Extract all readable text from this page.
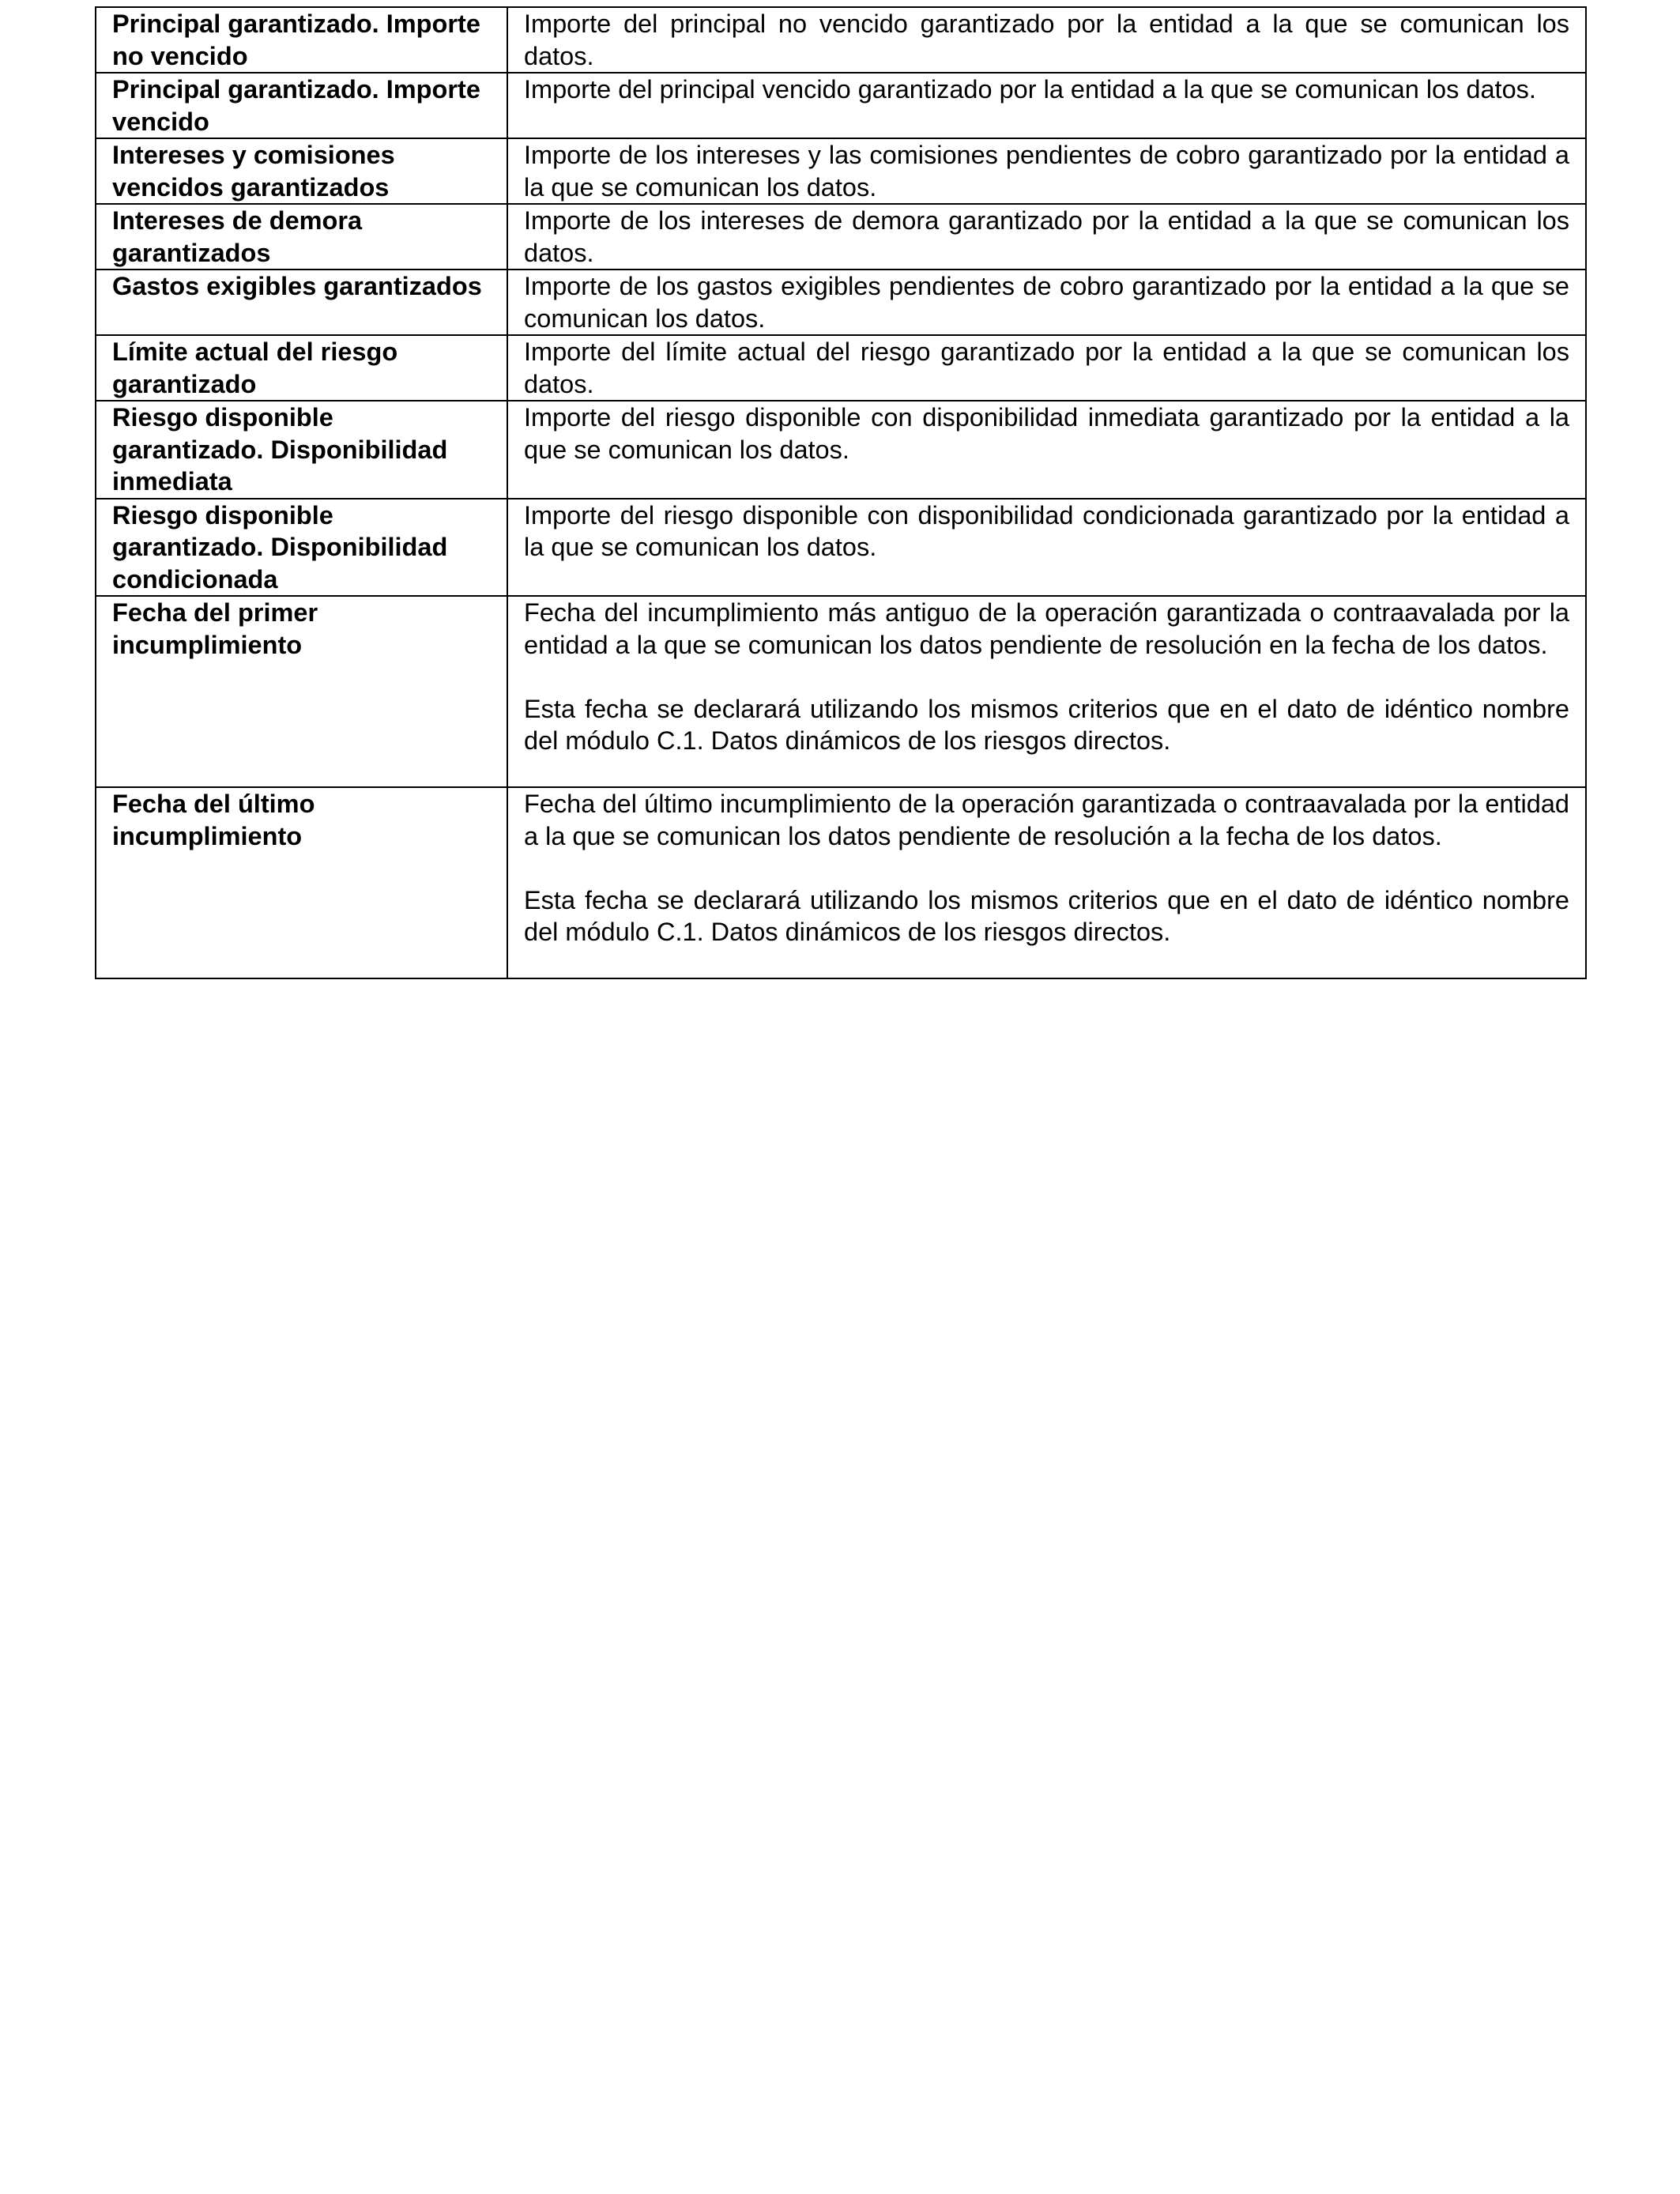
Principal garantizado. Importe no vencido	Importe del principal no vencido garantizado por la entidad a la que se comunican los datos.

Principal garantizado. Importe vencido	Importe del principal vencido garantizado por la entidad a la que se comunican los datos.

Intereses y comisiones vencidos garantizados	Importe de los intereses y las comisiones pendientes de cobro garantizado por la entidad a la que se comunican los datos.

Intereses de demora garantizados	Importe de los intereses de demora garantizado por la entidad a la que se comunican los datos.

Gastos exigibles garantizados	Importe de los gastos exigibles pendientes de cobro garantizado por la entidad a la que se comunican los datos.

Límite actual del riesgo garantizado	Importe del límite actual del riesgo garantizado por la entidad a la que se comunican los datos.

Riesgo disponible garantizado. Disponibilidad inmediata	Importe del riesgo disponible con disponibilidad inmediata garantizado por la entidad a la que se comunican los datos.

Riesgo disponible garantizado. Disponibilidad condicionada	Importe del riesgo disponible con disponibilidad condicionada garantizado por la entidad a la que se comunican los datos.

Fecha del primer incumplimiento	Fecha del incumplimiento más antiguo de la operación garantizada o contraavalada por la entidad a la que se comunican los datos pendiente de resolución en la fecha de los datos.

Esta fecha se declarará utilizando los mismos criterios que en el dato de idéntico nombre del módulo C.1. Datos dinámicos de los riesgos directos.

Fecha del último incumplimiento	Fecha del último incumplimiento de la operación garantizada o contraavalada por la entidad a la que se comunican los datos pendiente de resolución a la fecha de los datos.

Esta fecha se declarará utilizando los mismos criterios que en el dato de idéntico nombre del módulo C.1. Datos dinámicos de los riesgos directos.
